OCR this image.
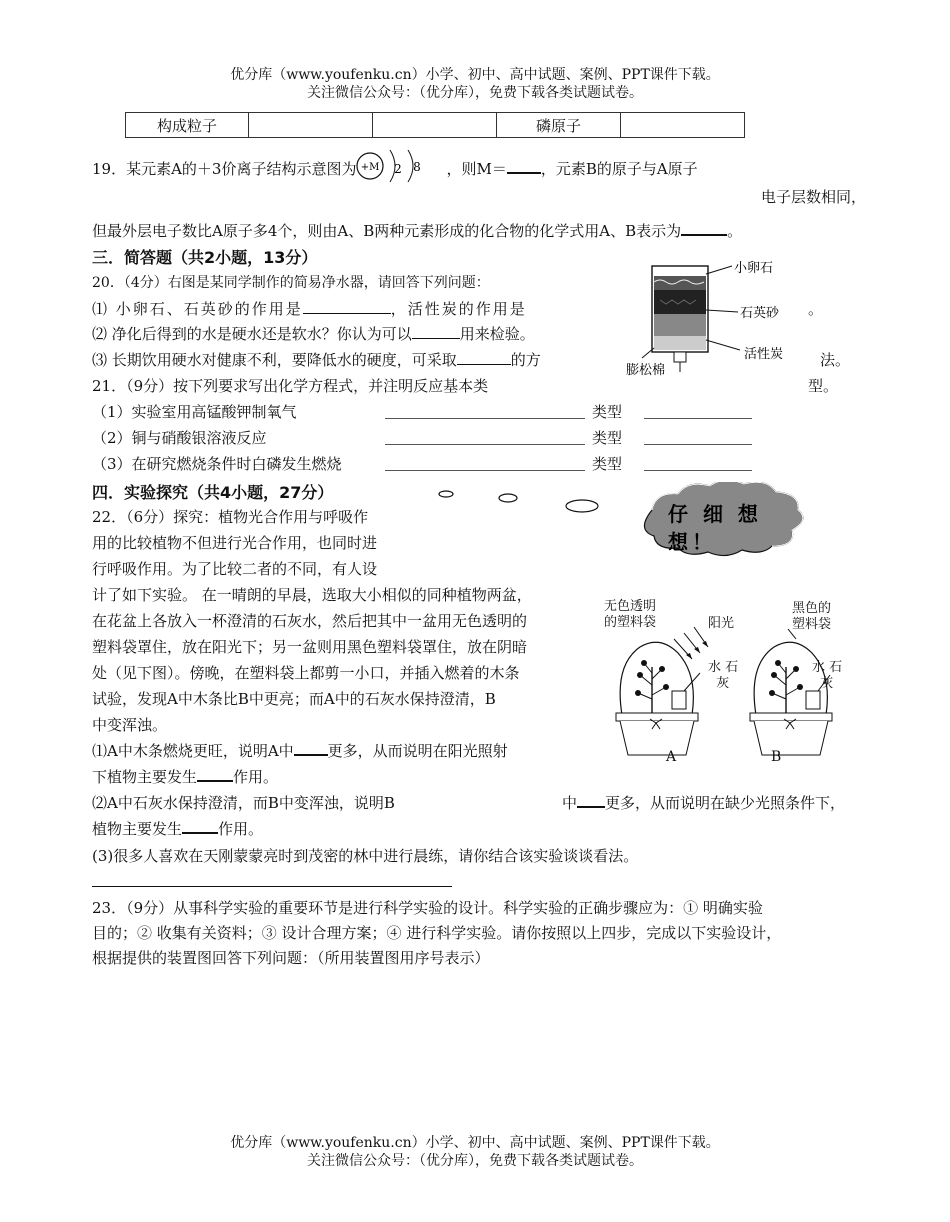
优分库（www.youfenku.cn）小学、初中、高中试题、案例、PPT课件下载。
关注微信公众号：（优分库），免费下载各类试题试卷。
构成粒子			磷原子	
19．某元素A的＋3价离子结构示意图为 +M 2 8 ，则M＝ ，元素B的原子与A原子
电子层数相同，
但最外层电子数比A原子多4个，则由A、B两种元素形成的化合物的化学式用A、B表示为	。
三．简答题（共2小题，13分）
20．（4分）右图是某同学制作的简易净水器，请回答下列问题：
⑴ 小卵石、石英砂的作用是	，活性炭的作用是	。
⑵ 净化后得到的水是硬水还是软水？你认为可以	用来检验。
⑶ 长期饮用硬水对健康不利，要降低水的硬度，可采取	的方	法。
小卵石
石英砂
活性炭
膨松棉
21．（9分）按下列要求写出化学方程式，并注明反应基本类	型。
（1）实验室用高锰酸钾制氧气	类型
（2）铜与硝酸银溶液反应	类型
（3）在研究燃烧条件时白磷发生燃烧	类型
四．实验探究（共4小题，27分）
仔 细 想 想！
22．（6分）探究：植物光合作用与呼吸作
用的比较植物不但进行光合作用，也同时进
行呼吸作用。为了比较二者的不同，有人设
计了如下实验。 在一晴朗的早晨，选取大小相似的同种植物两盆，
在花盆上各放入一杯澄清的石灰水，然后把其中一盆用无色透明的
塑料袋罩住，放在阳光下；另一盆则用黑色塑料袋罩住，放在阴暗
处（见下图）。傍晚，在塑料袋上都剪一小口，并插入燃着的木条
试验，发现A中木条比B中更亮；而A中的石灰水保持澄清，B
中变浑浊。
⑴A中木条燃烧更旺，说明A中 更多，从而说明在阳光照射
下植物主要发生 作用。
⑵A中石灰水保持澄清，而B中变浑浊，说明B	中 更多，从而说明在缺少光照条件下，
植物主要发生 作用。
(3)很多人喜欢在天刚蒙蒙亮时到茂密的林中进行晨练，请你结合该实验谈谈看法。
无色透明
的塑料袋	阳光
黑色的
塑料袋
水 石
灰
水 石
灰
A	B
23．（9分）从事科学实验的重要环节是进行科学实验的设计。科学实验的正确步骤应为：① 明确实验
目的；② 收集有关资料；③ 设计合理方案；④ 进行科学实验。请你按照以上四步，完成以下实验设计，
根据提供的装置图回答下列问题：（所用装置图用序号表示）
优分库（www.youfenku.cn）小学、初中、高中试题、案例、PPT课件下载。
关注微信公众号：（优分库），免费下载各类试题试卷。
